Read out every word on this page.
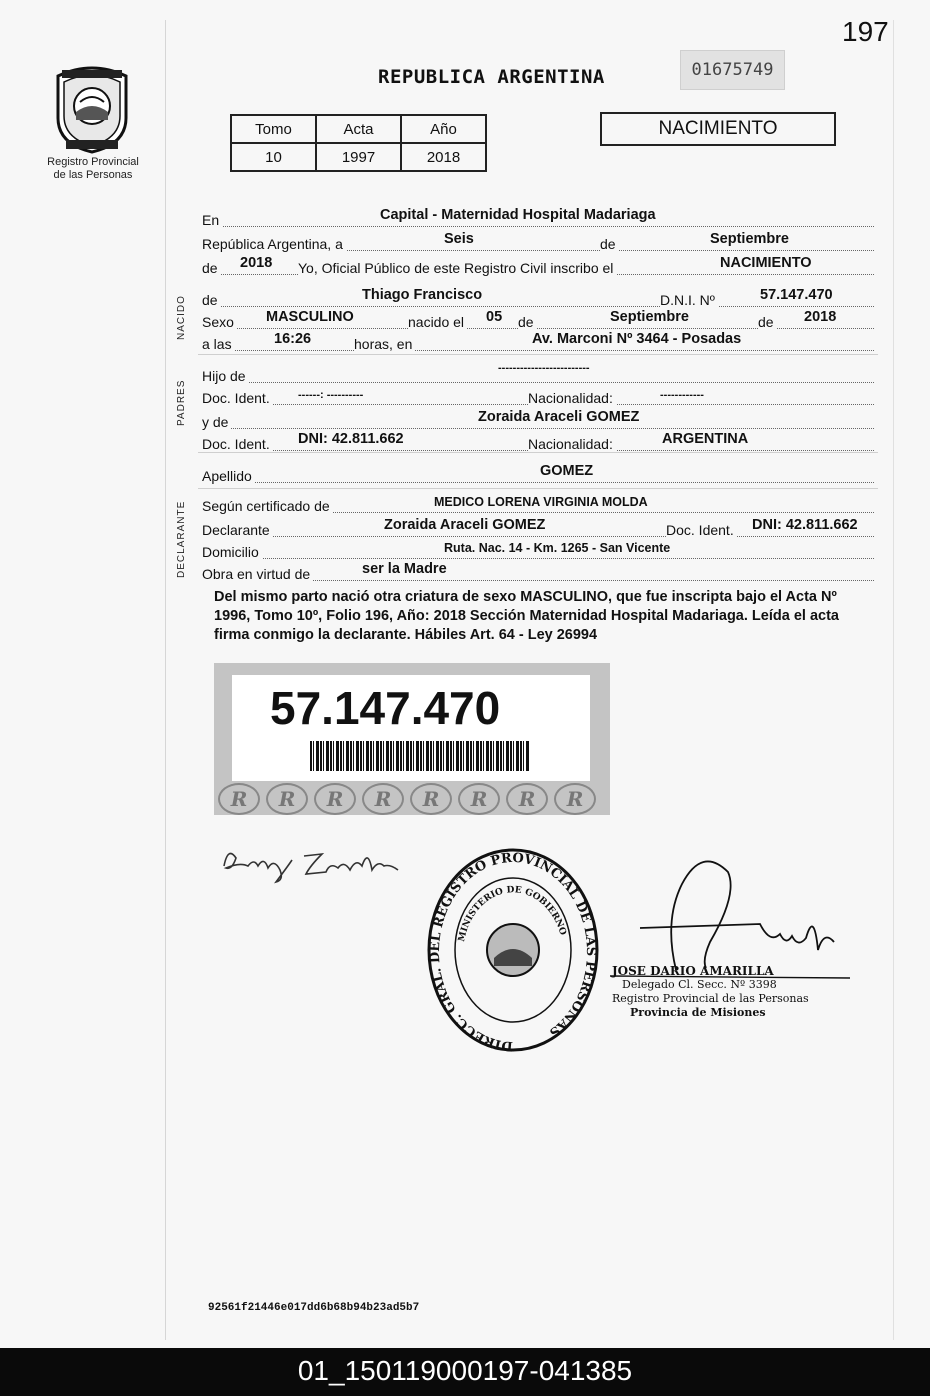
197
Registro Provincial
de las Personas
REPUBLICA ARGENTINA	01675749
Tomo	Acta	Año
10	1997	2018
NACIMIENTO
En	Capital - Maternidad Hospital Madariaga
República Argentina, a	Seis	de	Septiembre
de 2018 Yo, Oficial Público de este Registro Civil inscribo el	NACIMIENTO
de	Thiago Francisco	D.N.I. Nº	57.147.470
Sexo MASCULINO	nacido el 05 de	Septiembre	de 2018
a las	16:26	horas, en	Av. Marconi Nº 3464 - Posadas
NACIDO
Hijo de	-------------------------
Doc. Ident.	------: ----------	Nacionalidad:	------------
y de	Zoraida Araceli GOMEZ
Doc. Ident. DNI: 42.811.662	Nacionalidad:	ARGENTINA
PADRES
Apellido	GOMEZ
Según certificado de	MEDICO LORENA VIRGINIA MOLDA
Declarante	Zoraida Araceli GOMEZ	Doc. Ident. DNI: 42.811.662
Domicilio	Ruta. Nac. 14 - Km. 1265 - San Vicente
Obra en virtud de	ser la Madre
DECLARANTE
Del mismo parto nació otra criatura de sexo MASCULINO, que fue inscripta bajo el Acta Nº 1996, Tomo 10º, Folio 196, Año: 2018 Sección Maternidad Hospital Madariaga. Leída el acta firma conmigo la declarante. Hábiles Art. 64 - Ley 26994
57.147.470
R	R	R	R	R	R	R	R
DIRECC. GRAL. DEL REGISTRO PROVINCIAL DE LAS PERSONAS
MINISTERIO DE GOBIERNO
JOSE DARIO AMARILLA
Delegado Cl. Secc. Nº 3398
Registro Provincial de las Personas
Provincia de Misiones
92561f21446e017dd6b68b94b23ad5b7
01_150119000197-041385
